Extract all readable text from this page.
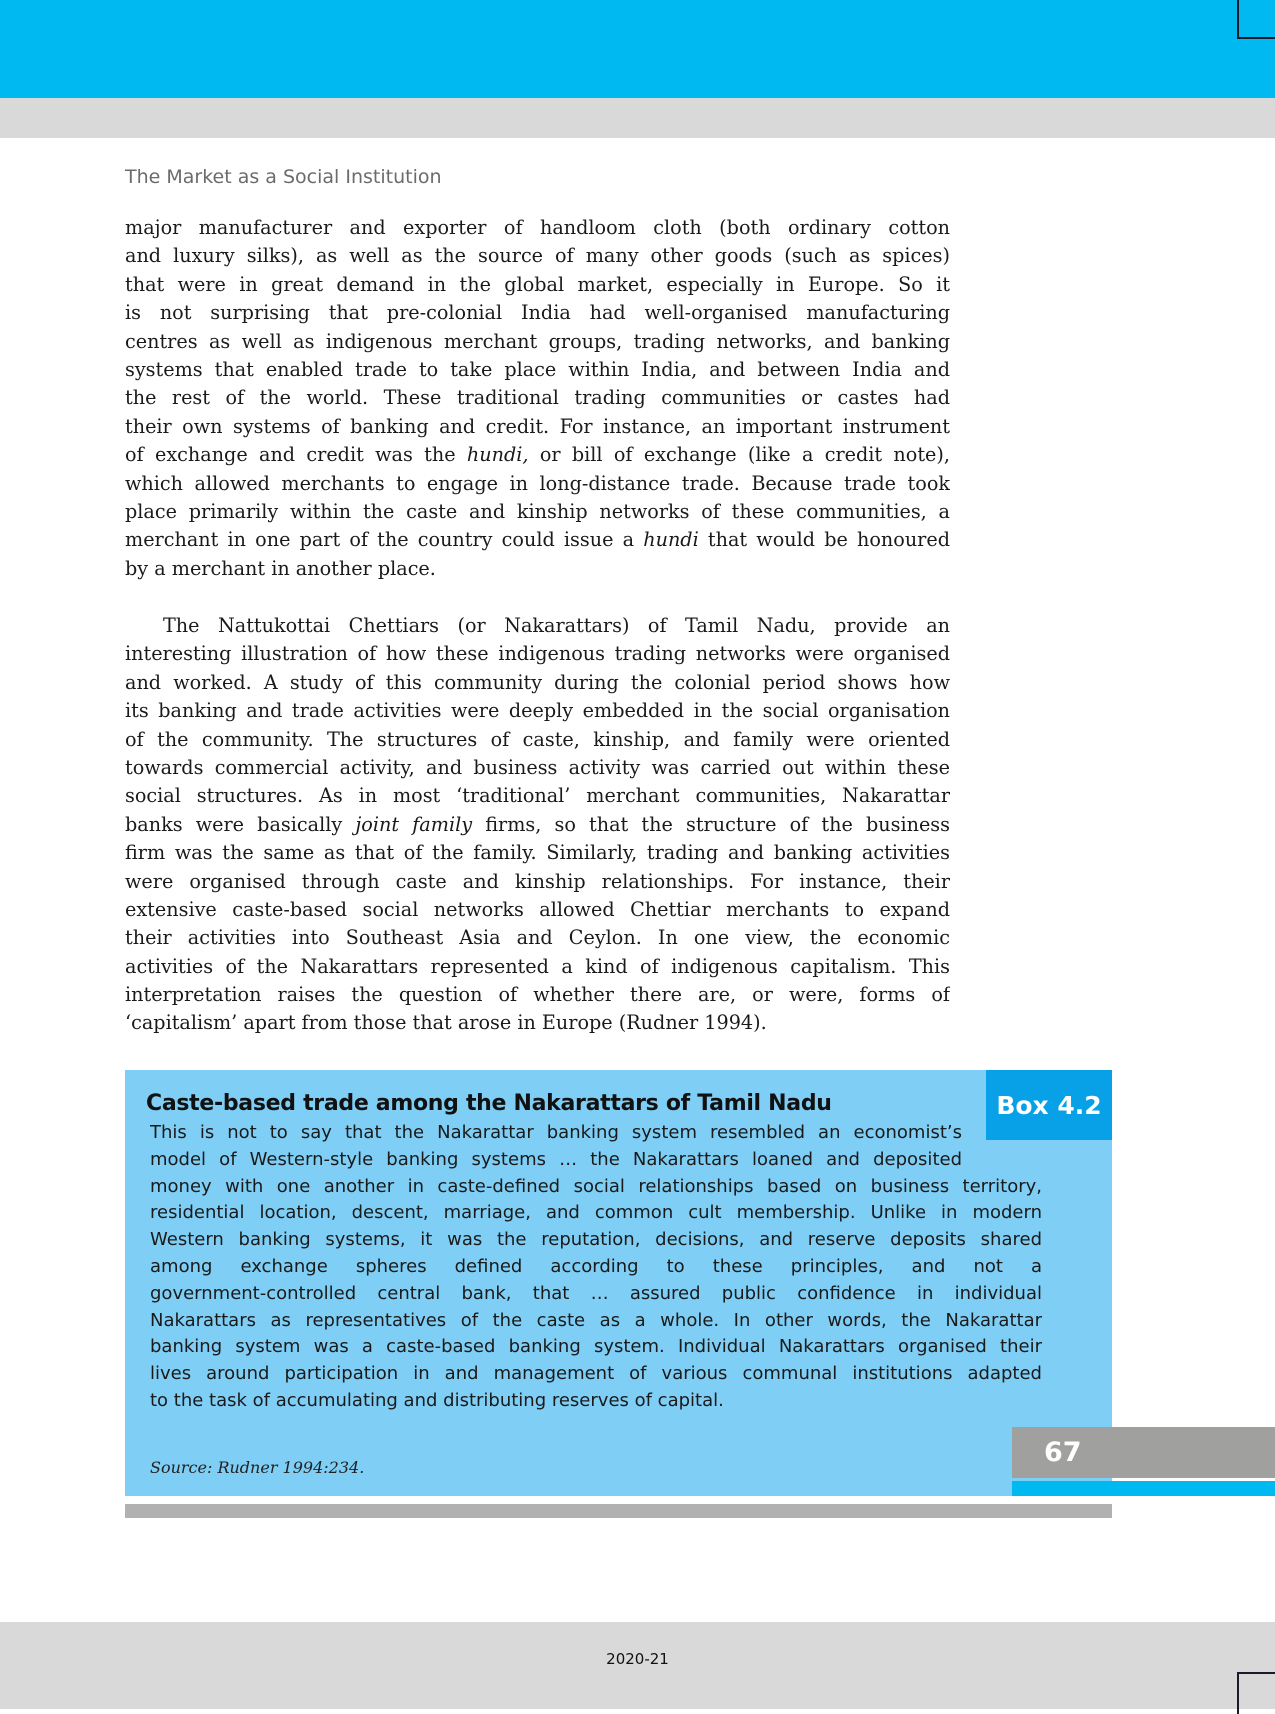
The Market as a Social Institution
major manufacturer and exporter of handloom cloth (both ordinary cotton
and luxury silks), as well as the source of many other goods (such as spices)
that were in great demand in the global market, especially in Europe. So it
is not surprising that pre-colonial India had well-organised manufacturing
centres as well as indigenous merchant groups, trading networks, and banking
systems that enabled trade to take place within India, and between India and
the rest of the world. These traditional trading communities or castes had
their own systems of banking and credit. For instance, an important instrument
of exchange and credit was the hundi, or bill of exchange (like a credit note),
which allowed merchants to engage in long-distance trade. Because trade took
place primarily within the caste and kinship networks of these communities, a
merchant in one part of the country could issue a hundi that would be honoured
by a merchant in another place.
The Nattukottai Chettiars (or Nakarattars) of Tamil Nadu, provide an
interesting illustration of how these indigenous trading networks were organised
and worked. A study of this community during the colonial period shows how
its banking and trade activities were deeply embedded in the social organisation
of the community. The structures of caste, kinship, and family were oriented
towards commercial activity, and business activity was carried out within these
social structures. As in most ‘traditional’ merchant communities, Nakarattar
banks were basically joint family firms, so that the structure of the business
firm was the same as that of the family. Similarly, trading and banking activities
were organised through caste and kinship relationships. For instance, their
extensive caste-based social networks allowed Chettiar merchants to expand
their activities into Southeast Asia and Ceylon. In one view, the economic
activities of the Nakarattars represented a kind of indigenous capitalism. This
interpretation raises the question of whether there are, or were, forms of
‘capitalism’ apart from those that arose in Europe (Rudner 1994).
Box 4.2
Caste-based trade among the Nakarattars of Tamil Nadu
This is not to say that the Nakarattar banking system resembled an economist’s
model of Western-style banking systems … the Nakarattars loaned and deposited
money with one another in caste-defined social relationships based on business territory,
residential location, descent, marriage, and common cult membership. Unlike in modern
Western banking systems, it was the reputation, decisions, and reserve deposits shared
among exchange spheres defined according to these principles, and not a
government-controlled central bank, that … assured public confidence in individual
Nakarattars as representatives of the caste as a whole. In other words, the Nakarattar
banking system was a caste-based banking system. Individual Nakarattars organised their
lives around participation in and management of various communal institutions adapted
to the task of accumulating and distributing reserves of capital.
Source: Rudner 1994:234.	67
2020-21
